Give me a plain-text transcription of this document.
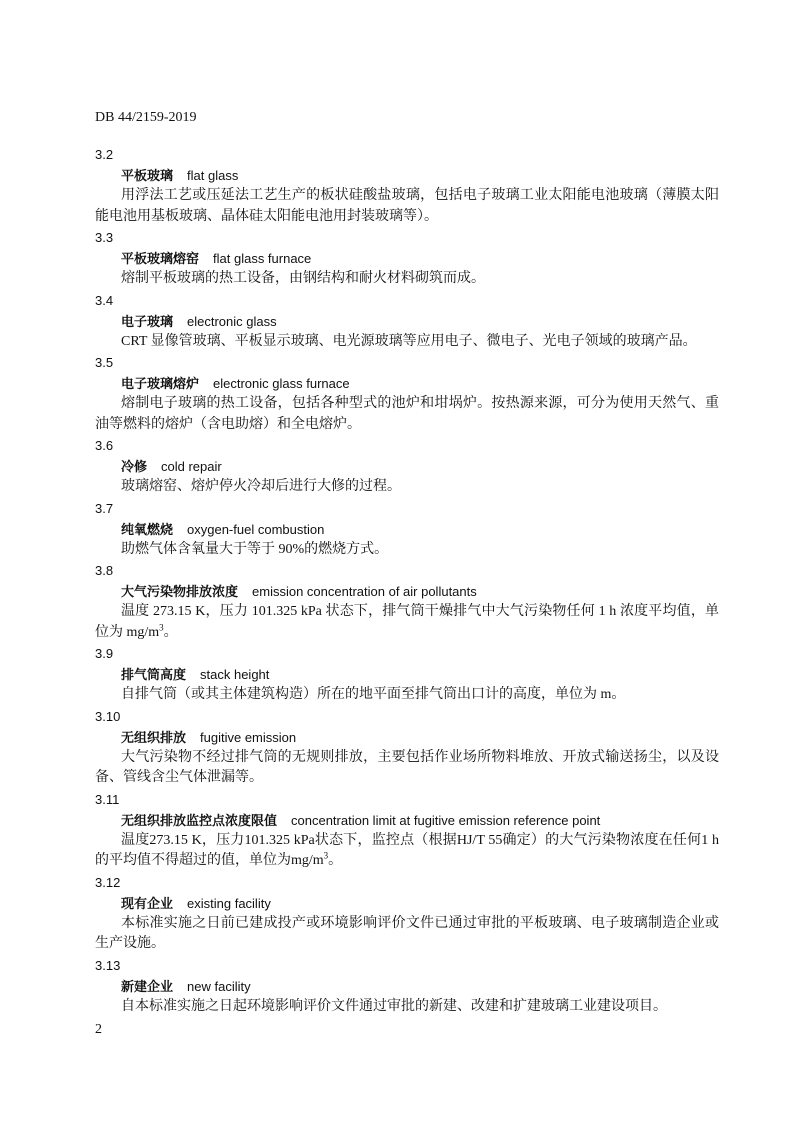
DB 44/2159-2019
3.2
平板玻璃 flat glass
用浮法工艺或压延法工艺生产的板状硅酸盐玻璃，包括电子玻璃工业太阳能电池玻璃（薄膜太阳能电池用基板玻璃、晶体硅太阳能电池用封装玻璃等）。
3.3
平板玻璃熔窑 flat glass furnace
熔制平板玻璃的热工设备，由钢结构和耐火材料砌筑而成。
3.4
电子玻璃 electronic glass
CRT 显像管玻璃、平板显示玻璃、电光源玻璃等应用电子、微电子、光电子领域的玻璃产品。
3.5
电子玻璃熔炉 electronic glass furnace
熔制电子玻璃的热工设备，包括各种型式的池炉和坩埚炉。按热源来源，可分为使用天然气、重油等燃料的熔炉（含电助熔）和全电熔炉。
3.6
冷修 cold repair
玻璃熔窑、熔炉停火冷却后进行大修的过程。
3.7
纯氧燃烧 oxygen-fuel combustion
助燃气体含氧量大于等于 90%的燃烧方式。
3.8
大气污染物排放浓度 emission concentration of air pollutants
温度 273.15 K，压力 101.325 kPa 状态下，排气筒干燥排气中大气污染物任何 1 h 浓度平均值，单位为 $mg/m^3$。
3.9
排气筒高度 stack height
自排气筒（或其主体建筑构造）所在的地平面至排气筒出口计的高度，单位为 m。
3.10
无组织排放 fugitive emission
大气污染物不经过排气筒的无规则排放，主要包括作业场所物料堆放、开放式输送扬尘，以及设备、管线含尘气体泄漏等。
3.11
无组织排放监控点浓度限值 concentration limit at fugitive emission reference point
温度273.15 K，压力101.325 kPa状态下，监控点（根据HJ/T 55确定）的大气污染物浓度在任何1 h的平均值不得超过的值，单位为$mg/m^3$。
3.12
现有企业 existing facility
本标准实施之日前已建成投产或环境影响评价文件已通过审批的平板玻璃、电子玻璃制造企业或生产设施。
3.13
新建企业 new facility
自本标准实施之日起环境影响评价文件通过审批的新建、改建和扩建玻璃工业建设项目。
2
